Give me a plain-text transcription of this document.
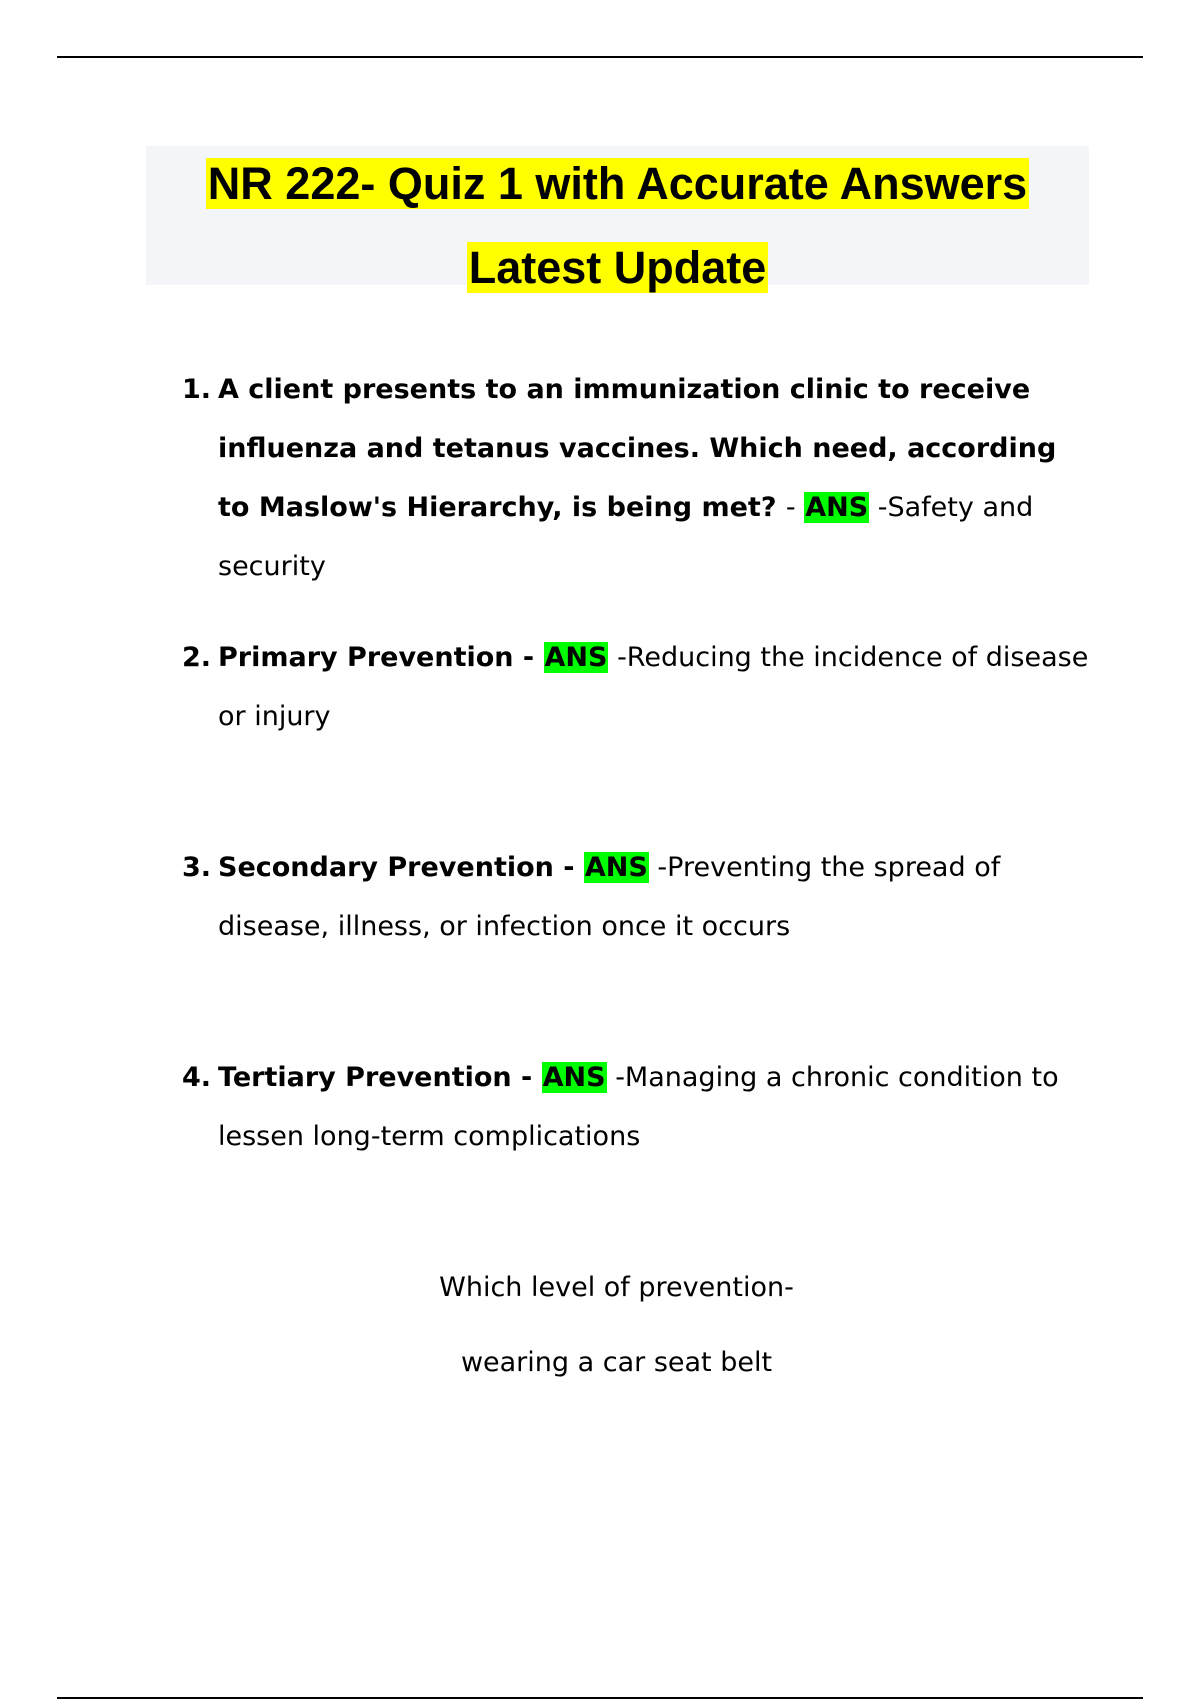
NR 222- Quiz 1 with Accurate Answers
Latest Update
1. A client presents to an immunization clinic to receive influenza and tetanus vaccines. Which need, according to Maslow's Hierarchy, is being met? - ANS -Safety and security
2. Primary Prevention - ANS -Reducing the incidence of disease or injury
3. Secondary Prevention - ANS -Preventing the spread of disease, illness, or infection once it occurs
4. Tertiary Prevention - ANS -Managing a chronic condition to lessen long-term complications
Which level of prevention-
wearing a car seat belt
